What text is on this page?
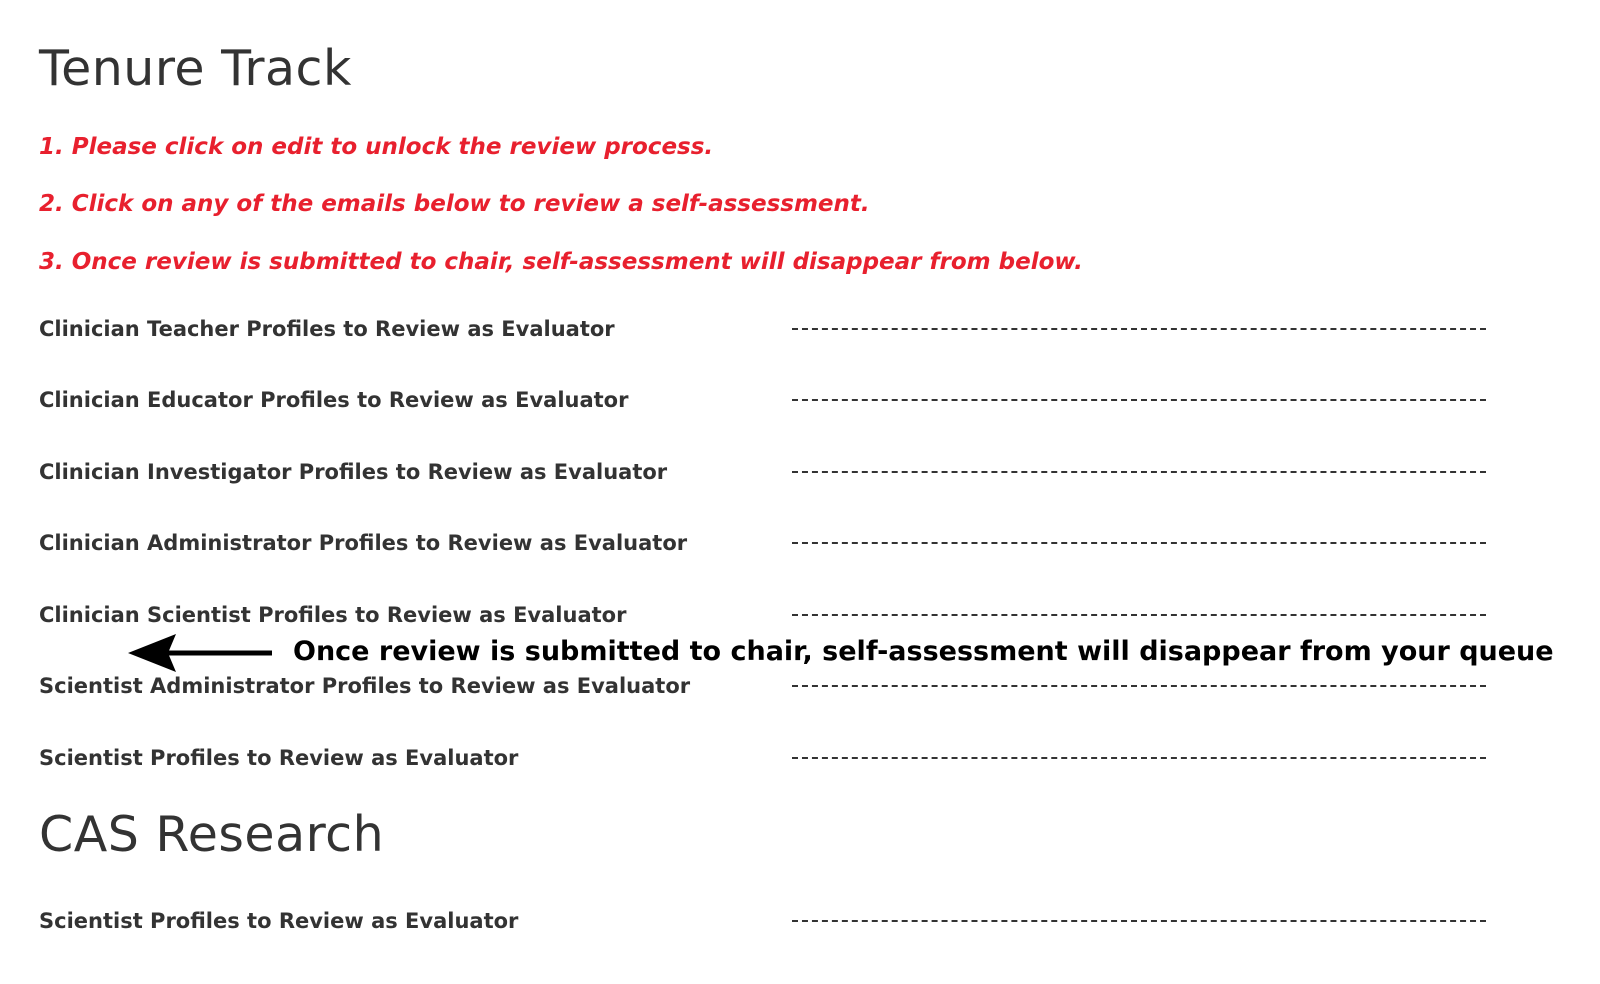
Tenure Track

1. Please click on edit to unlock the review process.

2. Click on any of the emails below to review a self-assessment.

3. Once review is submitted to chair, self-assessment will disappear from below.

Clinician Teacher Profiles to Review as Evaluator
Clinician Educator Profiles to Review as Evaluator
Clinician Investigator Profiles to Review as Evaluator
Clinician Administrator Profiles to Review as Evaluator
Clinician Scientist Profiles to Review as Evaluator
Scientist Administrator Profiles to Review as Evaluator
Scientist Profiles to Review as Evaluator
CAS Research
Scientist Profiles to Review as Evaluator
Once review is submitted to chair, self-assessment will disappear from your queue
